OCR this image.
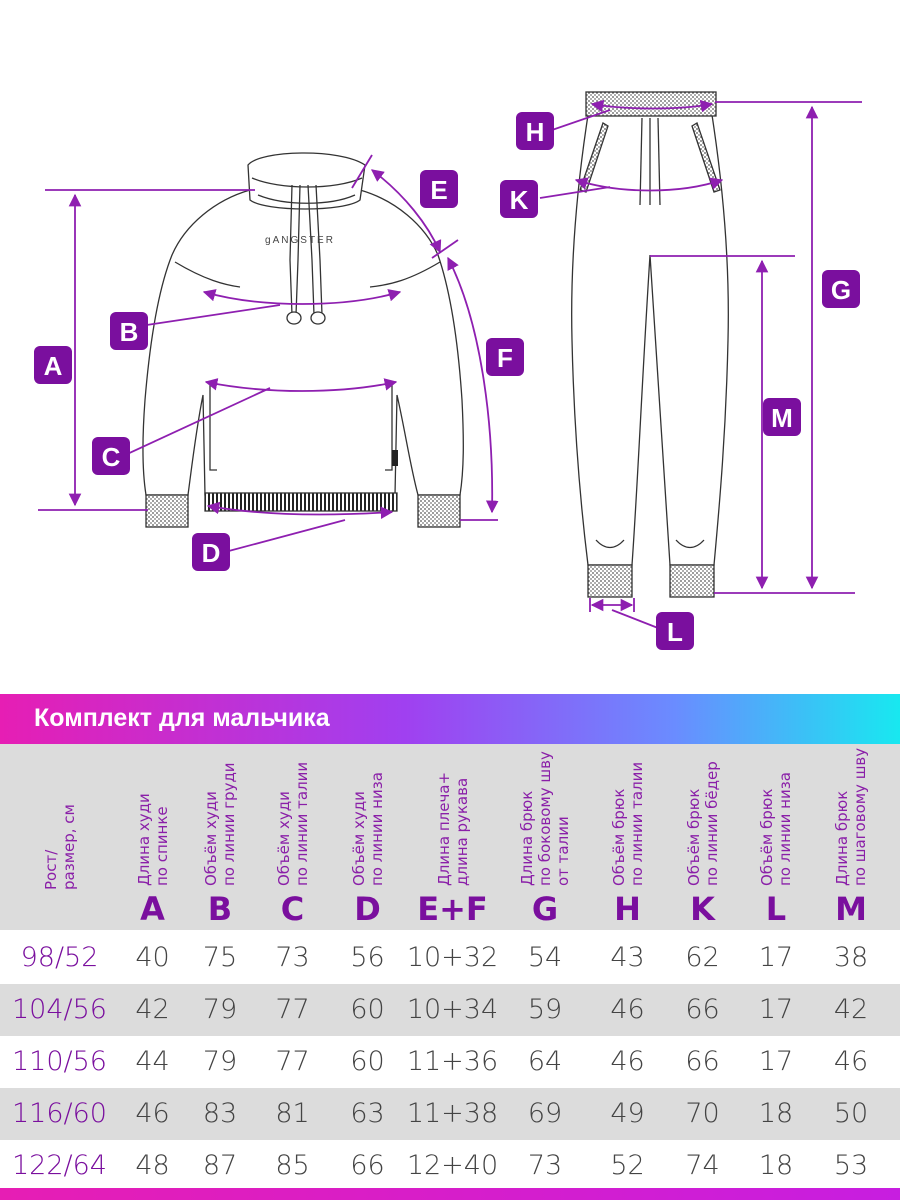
gANGSTER
A
B
C
D
E
F
G
H
K
L
M
Комплект для мальчика
Рост/ размер, см	Длина худи по спинке
A
Объём худи по линии груди
B
Объём худи по линии талии
C
Объём худи по линии низа
D
Длина плеча+ длина рукава
E+F
Длина брюк по боковому шву от талии
G
Объём брюк по линии талии
H
Объём брюк по линии бёдер
K
Объём брюк по линии низа
L
Длина брюк по шаговому шву
M
98/52	40	75	73	56 10+32	54	43	62	17	38
104/56	42	79	77	60 10+34	59	46	66	17	42
110/56	44	79	77	60 11+36	64	46	66	17	46
116/60	46	83	81	63 11+38	69	49	70	18	50
122/64	48	87	85	66 12+40	73	52	74	18	53
